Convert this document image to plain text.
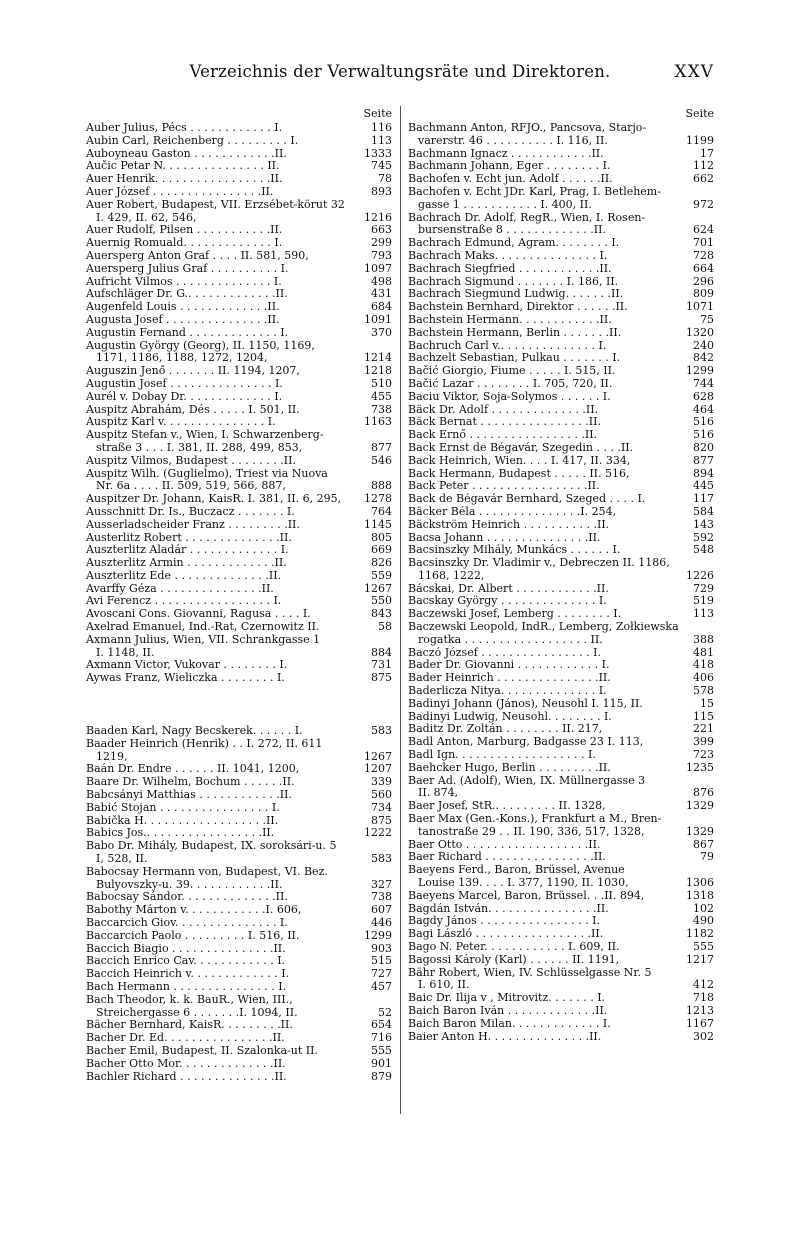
Verzeichnis der Verwaltungsräte und Direktoren.	XXV
Seite
Auber Julius, Pécs . . . . . . . . . . . . I.	116
Aubin Carl, Reichenberg . . . . . . . . . I.	113
Auboyneau Gaston . . . . . . . . . . . .II.	1333
Aučic Petar N. . . . . . . . . . . . . . . II.	745
Auer Henrik. . . . . . . . . . . . . . . . .II.	78
Auer József . . . . . . . . . . . . . . . .II.	893
Auer Robert, Budapest, VII. Erzsébet-körut 32
I. 429, II. 62, 546,	1216
Auer Rudolf, Pilsen . . . . . . . . . . .II.	663
Auernig Romuald. . . . . . . . . . . . . I.	299
Auersperg Anton Graf . . . . II. 581, 590,	793
Auersperg Julius Graf . . . . . . . . . . I.	1097
Aufricht Vilmos . . . . . . . . . . . . . . I.	498
Aufschläger Dr. G.. . . . . . . . . . . . .II.	431
Augenfeld Louis . . . . . . . . . . . . .II.	684
Augusta Josef . . . . . . . . . . . . . . .II.	1091
Augustin Fernand . . . . . . . . . . . . . I.	370
Augustin György (Georg), II. 1150, 1169,
1171, 1186, 1188, 1272, 1204,	1214
Auguszin Jenő . . . . . . . II. 1194, 1207,	1218
Augustin Josef . . . . . . . . . . . . . . . I.	510
Aurél v. Dobay Dr. . . . . . . . . . . . . I.	455
Auspitz Abrahám, Dés . . . . . I. 501, II.	738
Auspitz Karl v. . . . . . . . . . . . . . . I.	1163
Auspitz Stefan v., Wien, I. Schwarzenberg-
straße 3 . . . I. 381, II. 288, 499, 853,	877
Auspitz Vilmos, Budapest . . . . . . . .II.	546
Auspitz Wilh. (Guglielmo), Triest via Nuova
Nr. 6a . . . . II. 509, 519, 566, 887,	888
Auspitzer Dr. Johann, KaisR. I. 381, II. 6, 295,	1278
Ausschnitt Dr. Is., Buczacz . . . . . . . I.	764
Ausserladscheider Franz . . . . . . . . .II.	1145
Austerlitz Robert . . . . . . . . . . . . . .II.	805
Auszterlitz Aladár . . . . . . . . . . . . . I.	669
Auszterlitz Armin . . . . . . . . . . . . .II.	826
Auszterlitz Ede . . . . . . . . . . . . . .II.	559
Avarffy Géza . . . . . . . . . . . . . . .II.	1267
Avi Ferencz . . . . . . . . . . . . . . . . . I.	550
Avoscani Cons. Giovanni, Ragusa . . . . I.	843
Axelrad Emanuel, Ind.-Rat, Czernowitz II.	58
Axmann Julius, Wien, VII. Schrankgasse 1
I. 1148, II.	884
Axmann Victor, Vukovar . . . . . . . . I.	731
Aywas Franz, Wieliczka . . . . . . . . I.	875
Baaden Karl, Nagy Becskerek. . . . . . I.	583
Baader Heinrich (Henrik) . . I. 272, II. 611
1219,	1267
Baán Dr. Endre . . . . . . II. 1041, 1200,	1207
Baare Dr. Wilhelm, Bochum . . . . . .II.	339
Babcsányi Matthias . . . . . . . . . . . .II.	560
Babić Stojan . . . . . . . . . . . . . . . . I.	734
Babička H. . . . . . . . . . . . . . . . . .II.	875
Babics Jos.. . . . . . . . . . . . . . . . .II.	1222
Babo Dr. Mihály, Budapest, IX. soroksári-u. 5
I, 528, II.	583
Babocsay Hermann von, Budapest, VI. Bez.
Bulyovszky-u. 39. . . . . . . . . . . .II.	327
Babocsay Sándor. . . . . . . . . . . . . .II.	738
Babothy Márton v. . . . . . . . . . . .I. 606,	607
Baccarcich Giov. . . . . . . . . . . . . . . I.	446
Baccarcich Paolo . . . . . . . . . I. 516, II.	1299
Baccich Biagio . . . . . . . . . . . . . . .II.	903
Baccich Enrico Cav. . . . . . . . . . . . I.	515
Baccich Heinrich v. . . . . . . . . . . . . I.	727
Bach Hermann . . . . . . . . . . . . . . . I.	457
Bach Theodor, k. k. BauR., Wien, III.,
Streichergasse 6 . . . . . . .I. 1094, II.	52
Bächer Bernhard, KaisR. . . . . . . . .II.	654
Bacher Dr. Ed. . . . . . . . . . . . . . . .II.	716
Bacher Emil, Budapest, II. Szalonka-ut II.	555
Bacher Otto Mor. . . . . . . . . . . . . .II.	901
Bachler Richard . . . . . . . . . . . . . .II.	879
Seite
Bachmann Anton, RFJO., Pancsova, Starjo-
varerstr. 46 . . . . . . . . . . I. 116, II.	1199
Bachmann Ignacz . . . . . . . . . . . .II.	17
Bachmann Johann, Eger . . . . . . . . I.	112
Bachofen v. Echt jun. Adolf . . . . . .II.	662
Bachofen v. Echt JDr. Karl, Prag, I. Betlehem-
gasse 1 . . . . . . . . . . . I. 400, II.	972
Bachrach Dr. Adolf, RegR., Wien, I. Rosen-
bursenstraße 8 . . . . . . . . . . . . .II.	624
Bachrach Edmund, Agram. . . . . . . . I.	701
Bachrach Maks. . . . . . . . . . . . . . . I.	728
Bachrach Siegfried . . . . . . . . . . . .II.	664
Bachrach Sigmund . . . . . . . I. 186, II.	296
Bachrach Siegmund Ludwig. . . . . . .II.	809
Bachstein Bernhard, Direktor . . . . . .II.	1071
Bachstein Hermann. . . . . . . . . . . .II.	75
Bachstein Hermann, Berlin . . . . . . .II.	1320
Bachruch Carl v.. . . . . . . . . . . . . . I.	240
Bachzelt Sebastian, Pulkau . . . . . . . I.	842
Bačić Giorgio, Fiume . . . . . I. 515, II.	1299
Bačić Lazar . . . . . . . . I. 705, 720, II.	744
Baciu Viktor, Soja-Solymos . . . . . . I.	628
Bäck Dr. Adolf . . . . . . . . . . . . . .II.	464
Bäck Bernat . . . . . . . . . . . . . . . .II.	516
Back Ernő . . . . . . . . . . . . . . . . .II.	516
Back Ernst de Bégavár, Szegedin . . . .II.	820
Back Heinrich, Wien. . . . I. 417, II. 334,	877
Back Hermann, Budapest . . . . . II. 516,	894
Back Peter . . . . . . . . . . . . . . . . .II.	445
Back de Bégavár Bernhard, Szeged . . . . I.	117
Bäcker Béla . . . . . . . . . . . . . . .I. 254,	584
Bäckström Heinrich . . . . . . . . . . .II.	143
Bacsa Johann . . . . . . . . . . . . . . .II.	592
Bacsinszky Mihály, Munkács . . . . . . I.	548
Bacsinszky Dr. Vladimir v., Debreczen II. 1186,
1168, 1222,	1226
Bácskai, Dr. Albert . . . . . . . . . . . .II.	729
Bacskay György . . . . . . . . . . . . . . I.	519
Baczewski Josef, Lemberg . . . . . . . . I.	113
Baczewski Leopold, IndR., Lemberg, Zołkiewska
rogatka . . . . . . . . . . . . . . . . . . II.	388
Baczó József . . . . . . . . . . . . . . . . I.	481
Bader Dr. Giovanni . . . . . . . . . . . . I.	418
Bader Heinrich . . . . . . . . . . . . . . .II.	406
Baderlicza Nitya. . . . . . . . . . . . . . I.	578
Badinyi Johann (János), Neusohl I. 115, II.	15
Badinyi Ludwig, Neusohl. . . . . . . . I.	115
Baditz Dr. Zoltán . . . . . . . . II. 217,	221
Badl Anton, Marburg, Badgasse 23 I. 113,	399
Badl Ign. . . . . . . . . . . . . . . . . . . I.	723
Baehcker Hugo, Berlin . . . . . . . . .II.	1235
Baer Ad. (Adolf), Wien, IX. Müllnergasse 3
II. 874,	876
Baer Josef, StR.. . . . . . . . . II. 1328,	1329
Baer Max (Gen.-Kons.), Frankfurt a M., Bren-
tanostraße 29 . . II. 190, 336, 517, 1328,	1329
Baer Otto . . . . . . . . . . . . . . . . . .II.	867
Baer Richard . . . . . . . . . . . . . . . .II.	79
Baeyens Ferd., Baron, Brüssel, Avenue
Louise 139. . . . I. 377, 1190, II. 1030,	1306
Baeyens Marcel, Baron, Brüssel. . .II. 894,	1318
Bagdán István. . . . . . . . . . . . . . . .II.	102
Bagdy János . . . . . . . . . . . . . . . . I.	490
Bagi László . . . . . . . . . . . . . . . . .II.	1182
Bago N. Peter. . . . . . . . . . . . I. 609, II.	555
Bagossi Károly (Karl) . . . . . . II. 1191,	1217
Bähr Robert, Wien, IV. Schlüsselgasse Nr. 5
I. 610, II.	412
Baic Dr. Ilija v , Mitrovitz. . . . . . . I.	718
Baich Baron Iván . . . . . . . . . . . . .II.	1213
Baich Baron Milan. . . . . . . . . . . . . I.	1167
Baier Anton H. . . . . . . . . . . . . . .II.	302
